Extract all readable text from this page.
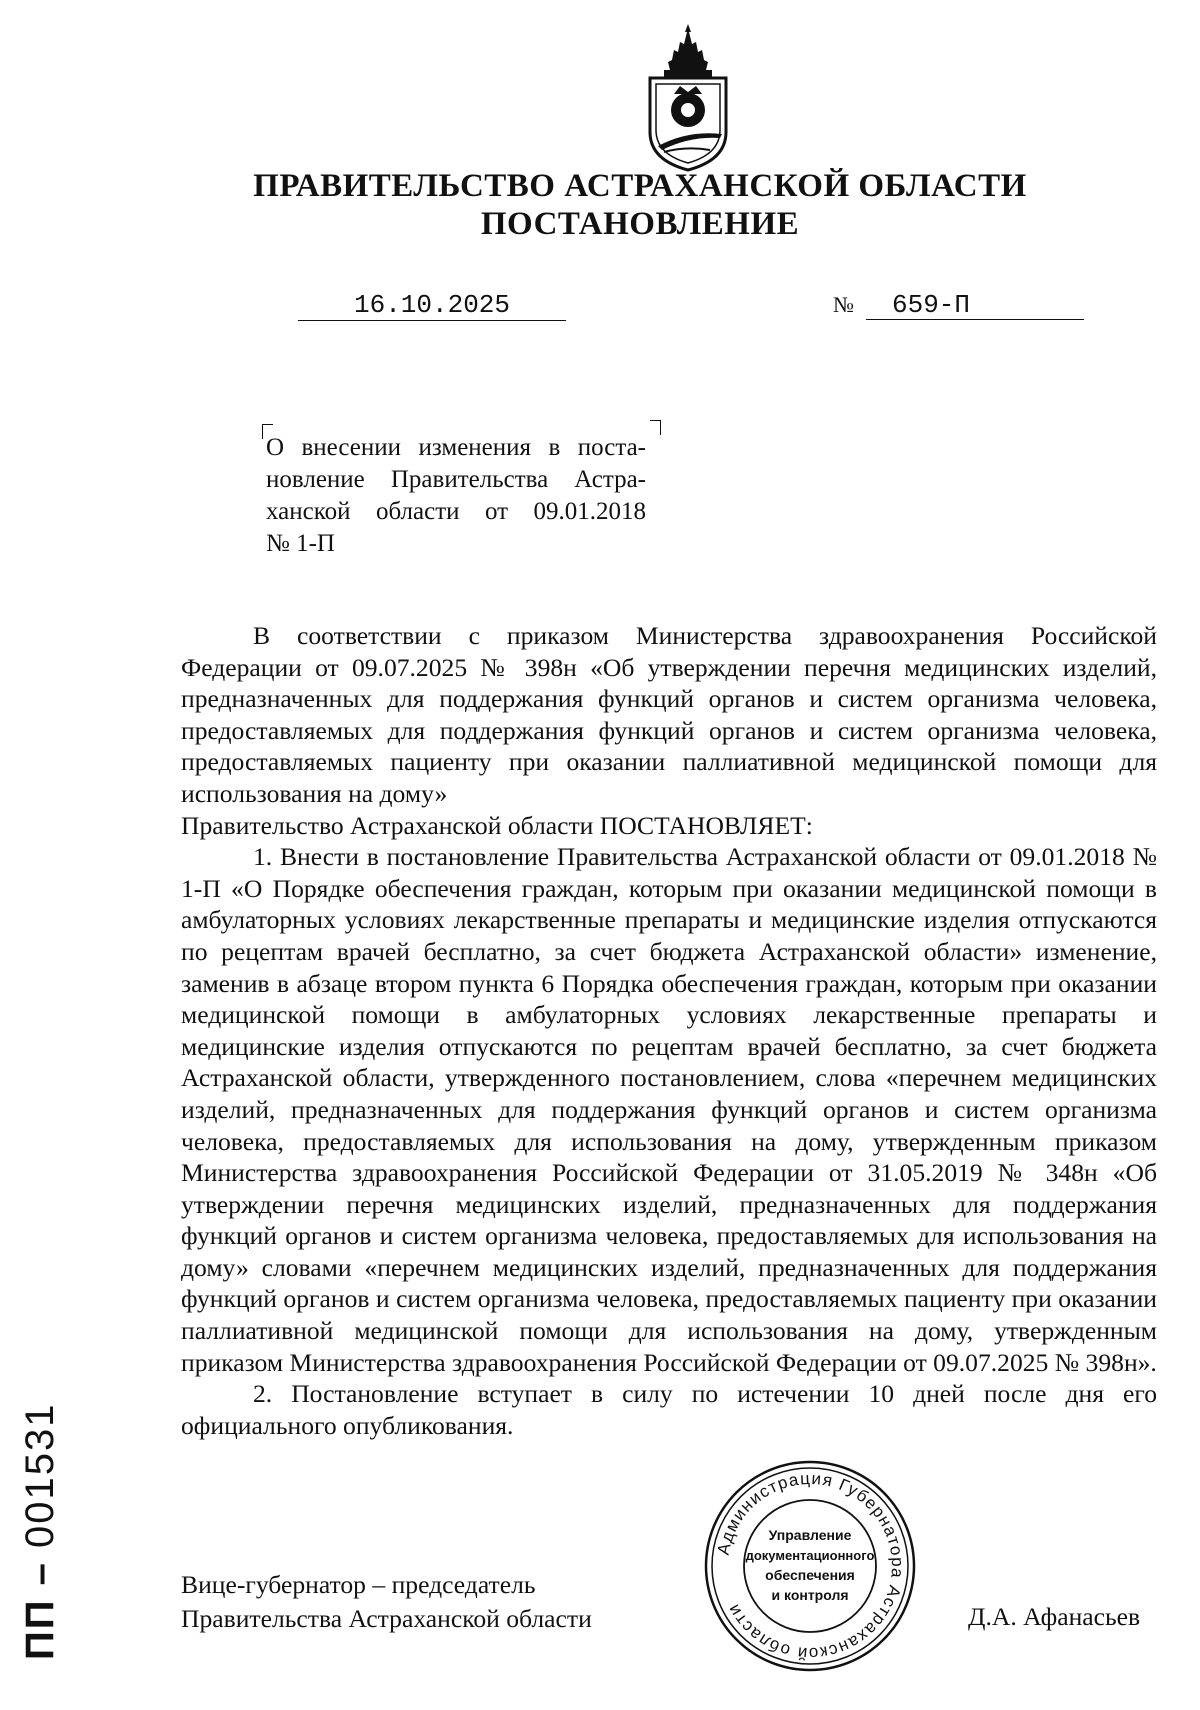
ПРАВИТЕЛЬСТВО АСТРАХАНСКОЙ ОБЛАСТИ
ПОСТАНОВЛЕНИЕ
16.10.2025	№	659-П
О внесении изменения в поста-
новление Правительства Астра-
ханской области от 09.01.2018
№ 1-П

В соответствии с приказом Министерства здравоохранения Российской Федерации от 09.07.2025 № 398н «Об утверждении перечня медицинских изделий, предназначенных для поддержания функций органов и систем организма человека, предоставляемых для поддержания функций органов и систем организма человека, предоставляемых пациенту при оказании паллиативной медицинской помощи для использования на дому»

Правительство Астраханской области ПОСТАНОВЛЯЕТ:

1. Внести в постановление Правительства Астраханской области от 09.01.2018 № 1-П «О Порядке обеспечения граждан, которым при оказании медицинской помощи в амбулаторных условиях лекарственные препараты и медицинские изделия отпускаются по рецептам врачей бесплатно, за счет бюджета Астраханской области» изменение, заменив в абзаце втором пункта 6 Порядка обеспечения граждан, которым при оказании медицинской помощи в амбулаторных условиях лекарственные препараты и медицинские изделия отпускаются по рецептам врачей бесплатно, за счет бюджета Астраханской области, утвержденного постановлением, слова «перечнем медицинских изделий, предназначенных для поддержания функций органов и систем организма человека, предоставляемых для использования на дому, утвержденным приказом Министерства здравоохранения Российской Федерации от 31.05.2019 № 348н «Об утверждении перечня медицинских изделий, предназначенных для поддержания функций органов и систем организма человека, предоставляемых для использования на дому» словами «перечнем медицинских изделий, предназначенных для поддержания функций органов и систем организма человека, предоставляемых пациенту при оказании паллиативной медицинской помощи для использования на дому, утвержденным приказом Министерства здравоохранения Российской Федерации от 09.07.2025 № 398н».

2. Постановление вступает в силу по истечении 10 дней после дня его официального опубликования.

Вице-губернатор – председатель
Правительства Астраханской области	Д.А. Афанасьев
Администрация Губернатора Астраханской области
Управление
документационного
обеспечения
и контроля
ПП – 001531
